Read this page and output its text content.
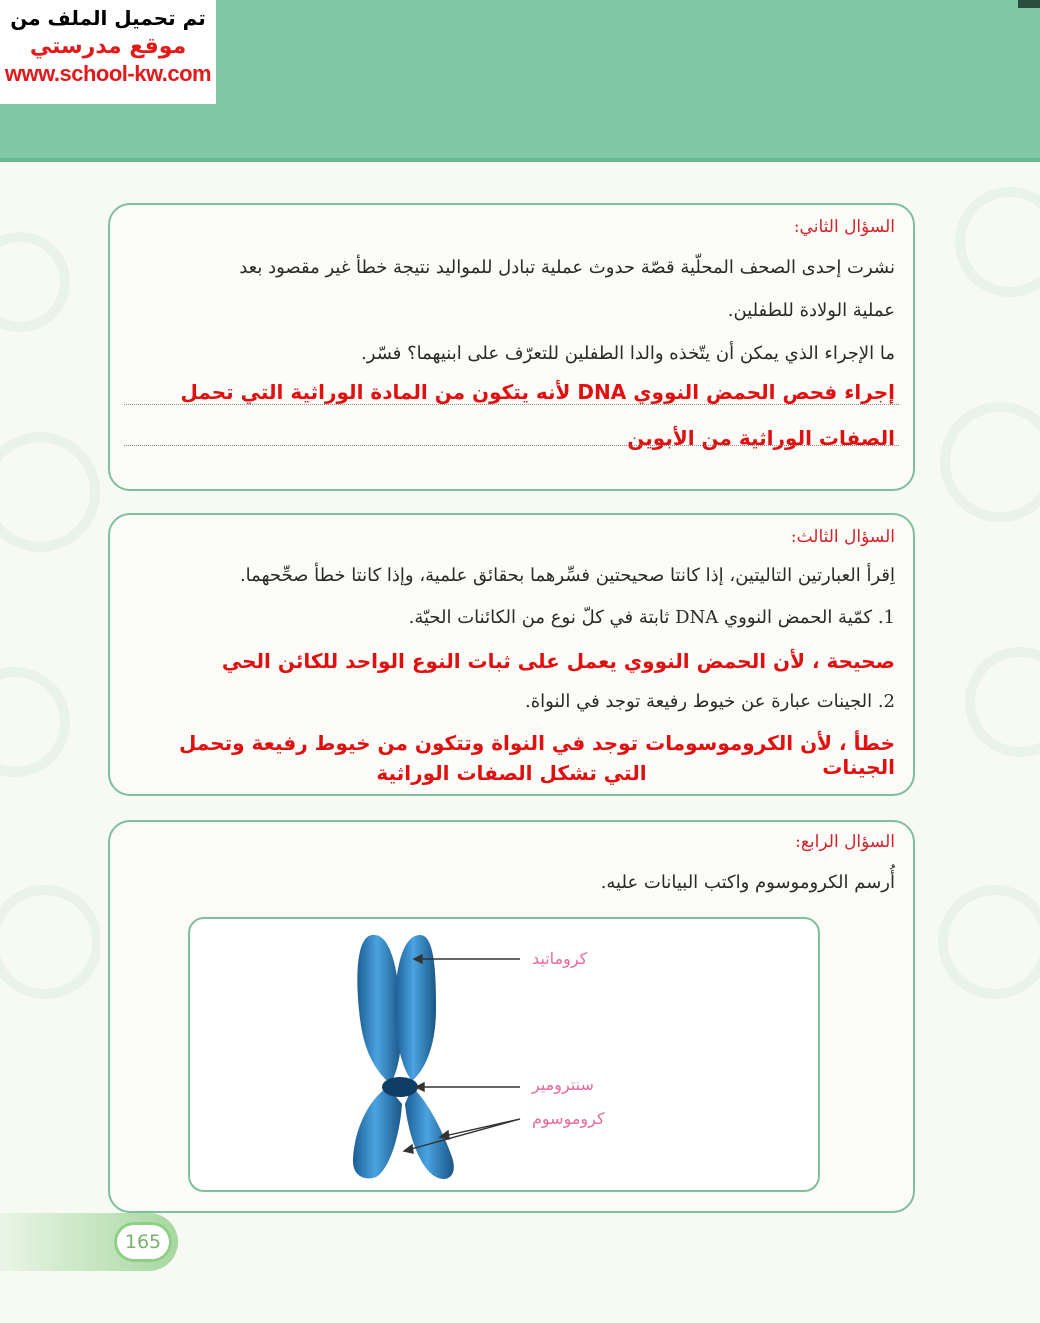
تم تحميل الملف من
موقع مدرستي
www.school-kw.com
السؤال الثاني:
نشرت إحدى الصحف المحلّية قصّة حدوث عملية تبادل للمواليد نتيجة خطأ غير مقصود بعد
عملية الولادة للطفلين.
ما الإجراء الذي يمكن أن يتّخذه والدا الطفلين للتعرّف على ابنيهما؟ فسّر.
إجراء فحص الحمض النووي DNA لأنه يتكون من المادة الوراثية التي تحمل
الصفات الوراثية من الأبوين
السؤال الثالث:
اِقرأ العبارتين التاليتين، إذا كانتا صحيحتين فسِّرهما بحقائق علمية، وإذا كانتا خطأ صحِّحهما.
1. كمّية الحمض النووي DNA ثابتة في كلّ نوع من الكائنات الحيّة.
صحيحة ، لأن الحمض النووي يعمل على ثبات النوع الواحد للكائن الحي
2. الجينات عبارة عن خيوط رفيعة توجد في النواة.
خطأ ، لأن الكروموسومات توجد في النواة وتتكون من خيوط رفيعة وتحمل الجينات
التي تشكل الصفات الوراثية
السؤال الرابع:
أُرسم الكروموسوم واكتب البيانات عليه.
كروماتيد
سنترومير
كروموسوم
165
